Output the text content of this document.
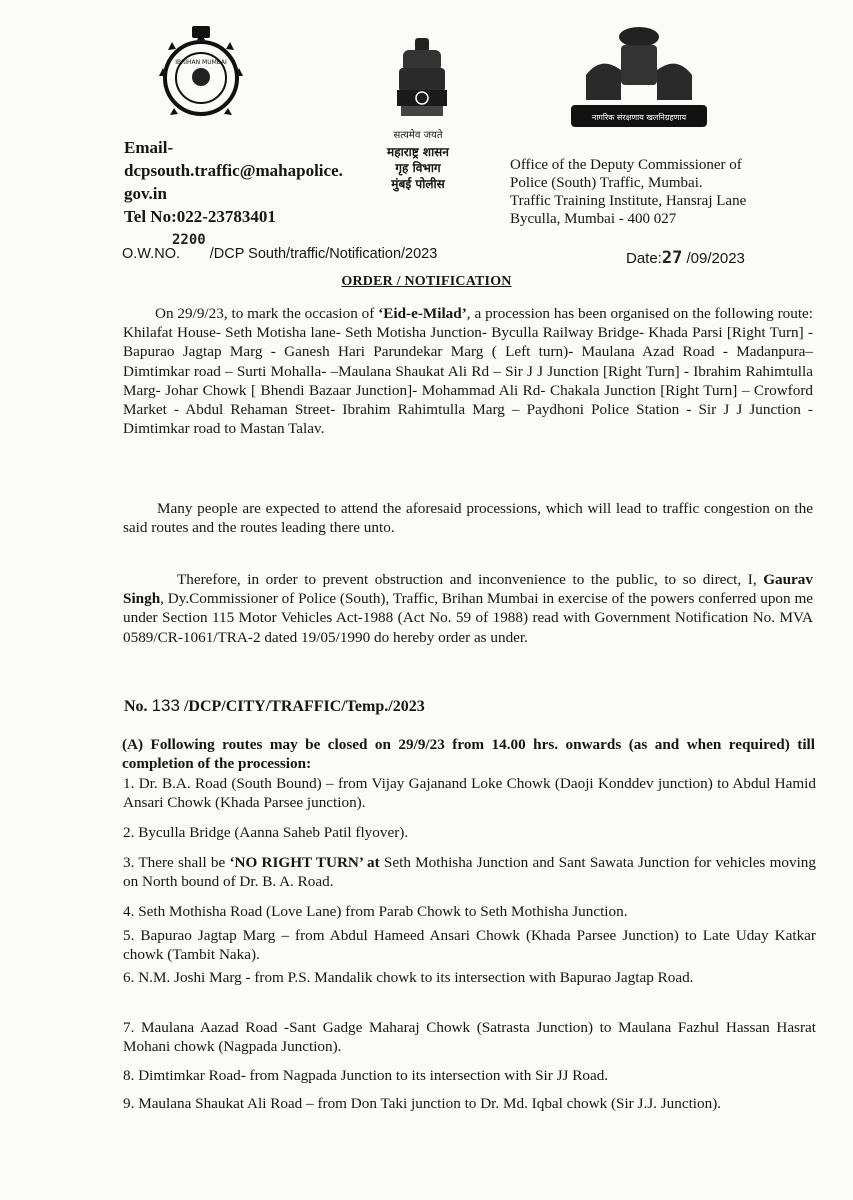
IBRIHAN MUMBAI
नागरिक संरक्षणाय खलनिग्रहणाय
Email-
dcpsouth.traffic@mahapolice.
gov.in
Tel No:022-23783401
सत्यमेव जयते
महाराष्ट्र शासन
गृह विभाग
मुंबई पोलीस
Office of the Deputy Commissioner of
Police (South) Traffic, Mumbai.
Traffic Training Institute, Hansraj Lane
Byculla, Mumbai - 400 027
O.W.NO.2200 /DCP South/traffic/Notification/2023	Date:27 /09/2023
ORDER / NOTIFICATION
On 29/9/23, to mark the occasion of ‘Eid-e-Milad’, a procession has been organised on the following route: Khilafat House- Seth Motisha lane- Seth Motisha Junction- Byculla Railway Bridge- Khada Parsi [Right Turn] - Bapurao Jagtap Marg - Ganesh Hari Parundekar Marg ( Left turn)- Maulana Azad Road - Madanpura– Dimtimkar road – Surti Mohalla- –Maulana Shaukat Ali Rd – Sir J J Junction [Right Turn] - Ibrahim Rahimtulla Marg- Johar Chowk [ Bhendi Bazaar Junction]- Mohammad Ali Rd- Chakala Junction [Right Turn] – Crowford Market - Abdul Rehaman Street- Ibrahim Rahimtulla Marg – Paydhoni Police Station - Sir J J Junction - Dimtimkar road to Mastan Talav.
Many people are expected to attend the aforesaid processions, which will lead to traffic congestion on the said routes and the routes leading there unto.
Therefore, in order to prevent obstruction and inconvenience to the public, to so direct, I, Gaurav Singh, Dy.Commissioner of Police (South), Traffic, Brihan Mumbai in exercise of the powers conferred upon me under Section 115 Motor Vehicles Act-1988 (Act No. 59 of 1988) read with Government Notification No. MVA 0589/CR-1061/TRA-2 dated 19/05/1990 do hereby order as under.
No. 133 /DCP/CITY/TRAFFIC/Temp./2023
(A) Following routes may be closed on 29/9/23 from 14.00 hrs. onwards (as and when required) till completion of the procession:
1. Dr. B.A. Road (South Bound) – from Vijay Gajanand Loke Chowk (Daoji Konddev junction) to Abdul Hamid Ansari Chowk (Khada Parsee junction).
2. Byculla Bridge (Aanna Saheb Patil flyover).
3. There shall be ‘NO RIGHT TURN’ at Seth Mothisha Junction and Sant Sawata Junction for vehicles moving on North bound of Dr. B. A. Road.
4. Seth Mothisha Road (Love Lane) from Parab Chowk to Seth Mothisha Junction.
5. Bapurao Jagtap Marg – from Abdul Hameed Ansari Chowk (Khada Parsee Junction) to Late Uday Katkar chowk (Tambit Naka).
6. N.M. Joshi Marg - from P.S. Mandalik chowk to its intersection with Bapurao Jagtap Road.
7. Maulana Aazad Road -Sant Gadge Maharaj Chowk (Satrasta Junction) to Maulana Fazhul Hassan Hasrat Mohani chowk (Nagpada Junction).
8. Dimtimkar Road- from Nagpada Junction to its intersection with Sir JJ Road.
9. Maulana Shaukat Ali Road – from Don Taki junction to Dr. Md. Iqbal chowk (Sir J.J. Junction).
